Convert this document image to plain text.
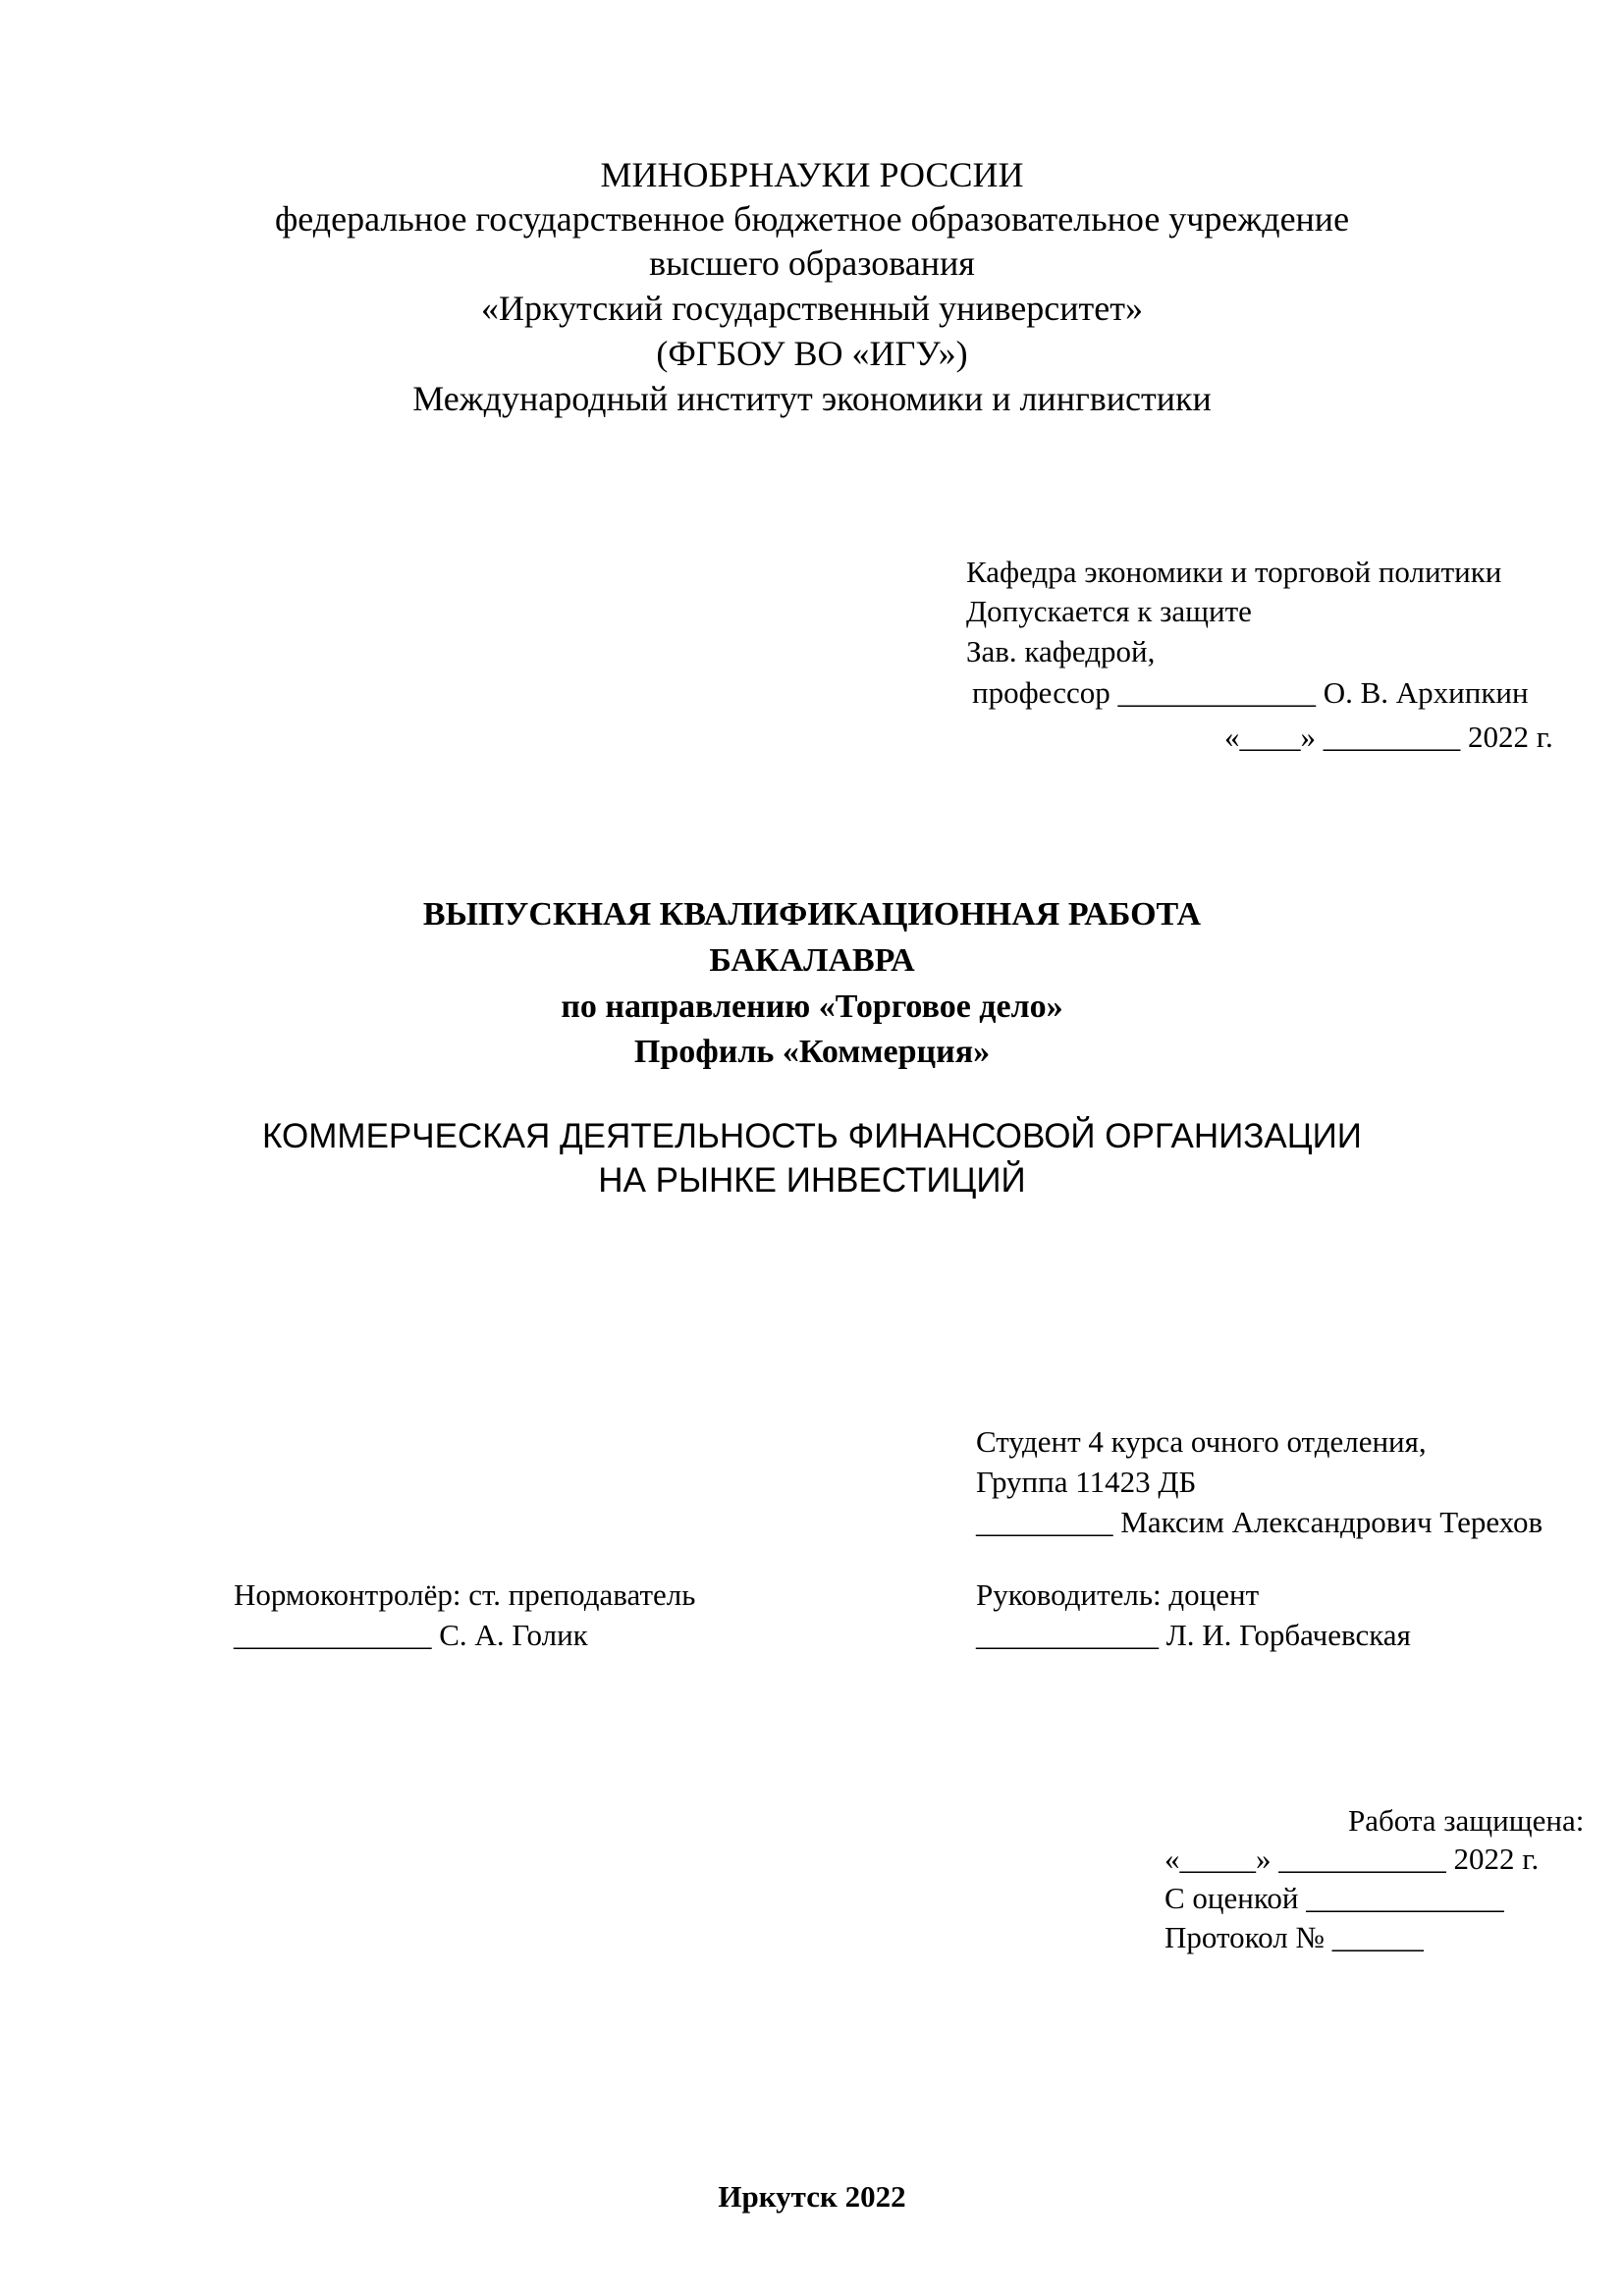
МИНОБРНАУКИ РОССИИ
федеральное государственное бюджетное образовательное учреждение
высшего образования
«Иркутский государственный университет»
(ФГБОУ ВО «ИГУ»)
Международный институт экономики и лингвистики
Кафедра экономики и торговой политики
Допускается к защите
Зав. кафедрой,
профессор _____________ О. В. Архипкин
«____» _________ 2022 г.
ВЫПУСКНАЯ КВАЛИФИКАЦИОННАЯ РАБОТА
БАКАЛАВРА
по направлению «Торговое дело»
Профиль «Коммерция»
КОММЕРЧЕСКАЯ ДЕЯТЕЛЬНОСТЬ ФИНАНСОВОЙ ОРГАНИЗАЦИИ
НА РЫНКЕ ИНВЕСТИЦИЙ
Студент 4 курса очного отделения,
Группа 11423 ДБ
_________ Максим Александрович Терехов
Нормоконтролёр: ст. преподаватель
_____________ С. А. Голик
Руководитель: доцент
____________ Л. И. Горбачевская
Работа защищена:
«_____» ___________ 2022 г.
С оценкой _____________
Протокол № ______
Иркутск 2022
